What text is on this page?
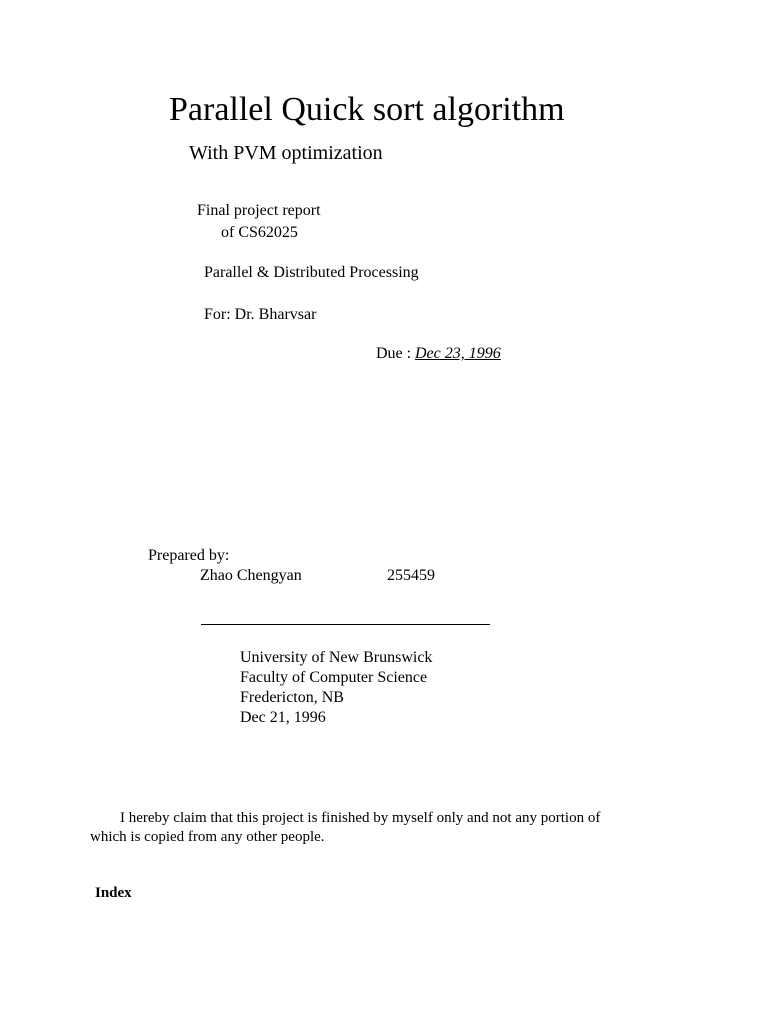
Parallel Quick sort algorithm
With PVM optimization
Final project report
of CS62025
Parallel & Distributed Processing
For: Dr. Bharvsar
Due : Dec 23, 1996
Prepared by:
Zhao Chengyan	255459
University of New Brunswick
Faculty of Computer Science
Fredericton, NB
Dec 21, 1996
I hereby claim that this project is finished by myself only and not any portion of
which is copied from any other people.
Index
